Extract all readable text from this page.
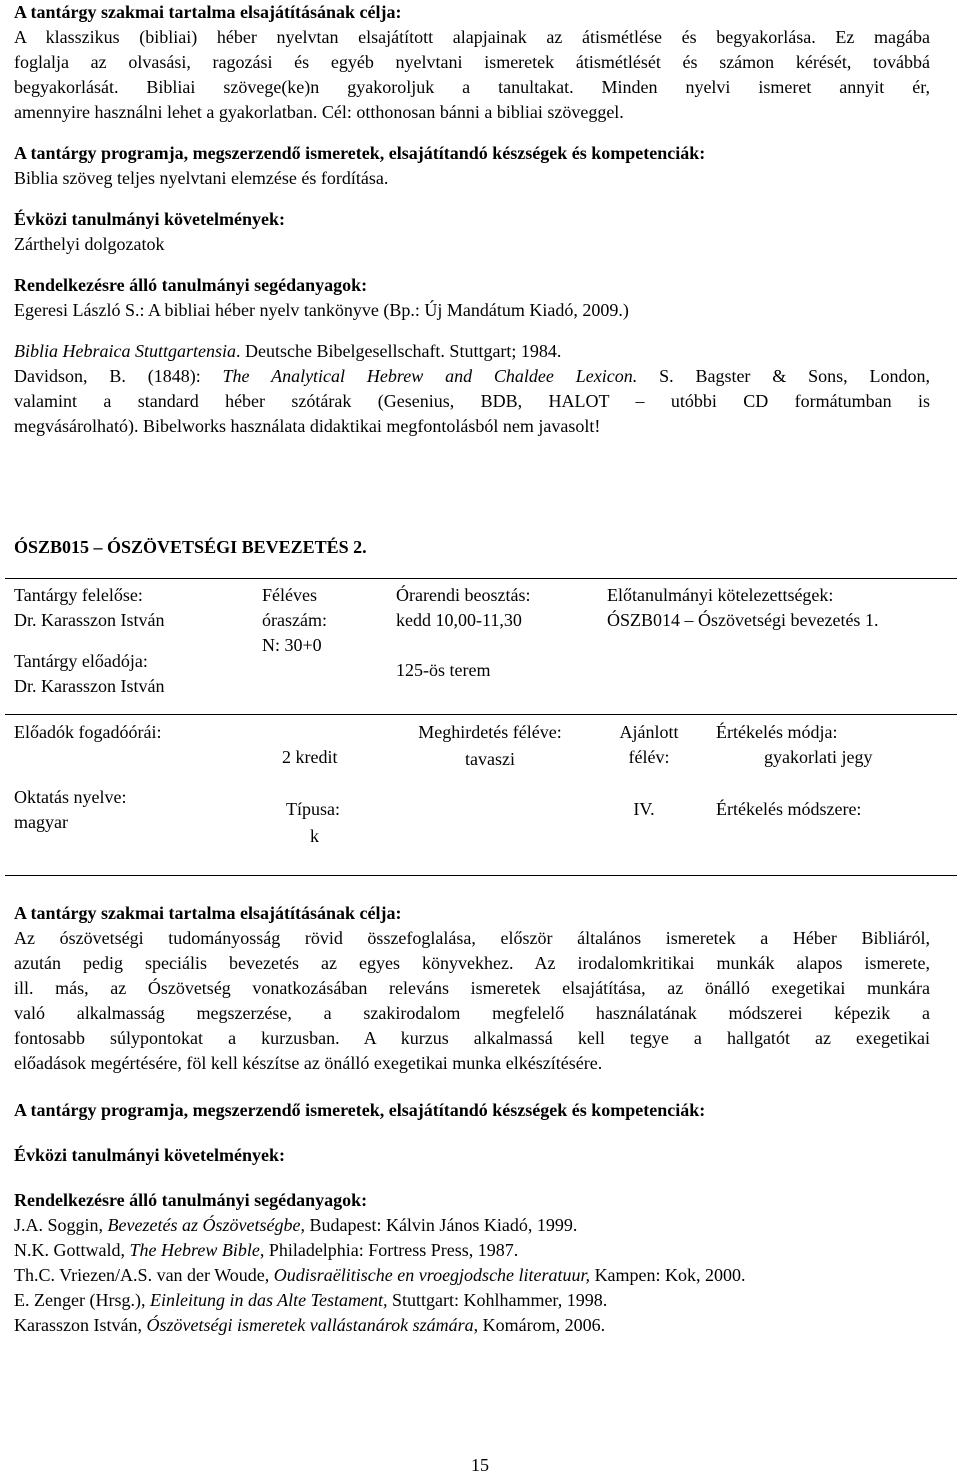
A tantárgy szakmai tartalma elsajátításának célja:

A klasszikus (bibliai) héber nyelvtan elsajátított alapjainak az átismétlése és begyakorlása. Ez magába

foglalja az olvasási, ragozási és egyéb nyelvtani ismeretek átismétlését és számon kérését, továbbá

begyakorlását. Bibliai szövege(ke)n gyakoroljuk a tanultakat. Minden nyelvi ismeret annyit ér,

amennyire használni lehet a gyakorlatban. Cél: otthonosan bánni a bibliai szöveggel.

A tantárgy programja, megszerzendő ismeretek, elsajátítandó készségek és kompetenciák:

Biblia szöveg teljes nyelvtani elemzése és fordítása.

Évközi tanulmányi követelmények:

Zárthelyi dolgozatok

Rendelkezésre álló tanulmányi segédanyagok:

Egeresi László S.: A bibliai héber nyelv tankönyve (Bp.: Új Mandátum Kiadó, 2009.)

Biblia Hebraica Stuttgartensia. Deutsche Bibelgesellschaft. Stuttgart; 1984.

Davidson, B. (1848): The Analytical Hebrew and Chaldee Lexicon. S. Bagster & Sons, London,

valamint a standard héber szótárak (Gesenius, BDB, HALOT – utóbbi CD formátumban is

megvásárolható). Bibelworks használata didaktikai megfontolásból nem javasolt!

ÓSZB015 – ÓSZÖVETSÉGI BEVEZETÉS 2.

Tantárgy felelőse:

Dr. Karasszon István

Tantárgy előadója:

Dr. Karasszon István

Féléves

óraszám:

N: 30+0

Órarendi beosztás:

kedd 10,00-11,30

125-ös terem

Előtanulmányi kötelezettségek:

ÓSZB014 – Ószövetségi bevezetés 1.

Előadók fogadóórái:

Oktatás nyelve:

magyar

2 kredit

Típusa:

k

Meghirdetés féléve:

tavaszi

Ajánlott

félév:

IV.

Értékelés módja:

gyakorlati jegy

Értékelés módszere:

A tantárgy szakmai tartalma elsajátításának célja:

Az ószövetségi tudományosság rövid összefoglalása, először általános ismeretek a Héber Bibliáról,

azután pedig speciális bevezetés az egyes könyvekhez. Az irodalomkritikai munkák alapos ismerete,

ill. más, az Ószövetség vonatkozásában releváns ismeretek elsajátítása, az önálló exegetikai munkára

való alkalmasság megszerzése, a szakirodalom megfelelő használatának módszerei képezik a

fontosabb súlypontokat a kurzusban. A kurzus alkalmassá kell tegye a hallgatót az exegetikai

előadások megértésére, föl kell készítse az önálló exegetikai munka elkészítésére.

A tantárgy programja, megszerzendő ismeretek, elsajátítandó készségek és kompetenciák:

Évközi tanulmányi követelmények:

Rendelkezésre álló tanulmányi segédanyagok:

J.A. Soggin, Bevezetés az Ószövetségbe, Budapest: Kálvin János Kiadó, 1999.

N.K. Gottwald, The Hebrew Bible, Philadelphia: Fortress Press, 1987.

Th.C. Vriezen/A.S. van der Woude, Oudisraëlitische en vroegjodsche literatuur, Kampen: Kok, 2000.

E. Zenger (Hrsg.), Einleitung in das Alte Testament, Stuttgart: Kohlhammer, 1998.

Karasszon István, Ószövetségi ismeretek vallástanárok számára, Komárom, 2006.

15
